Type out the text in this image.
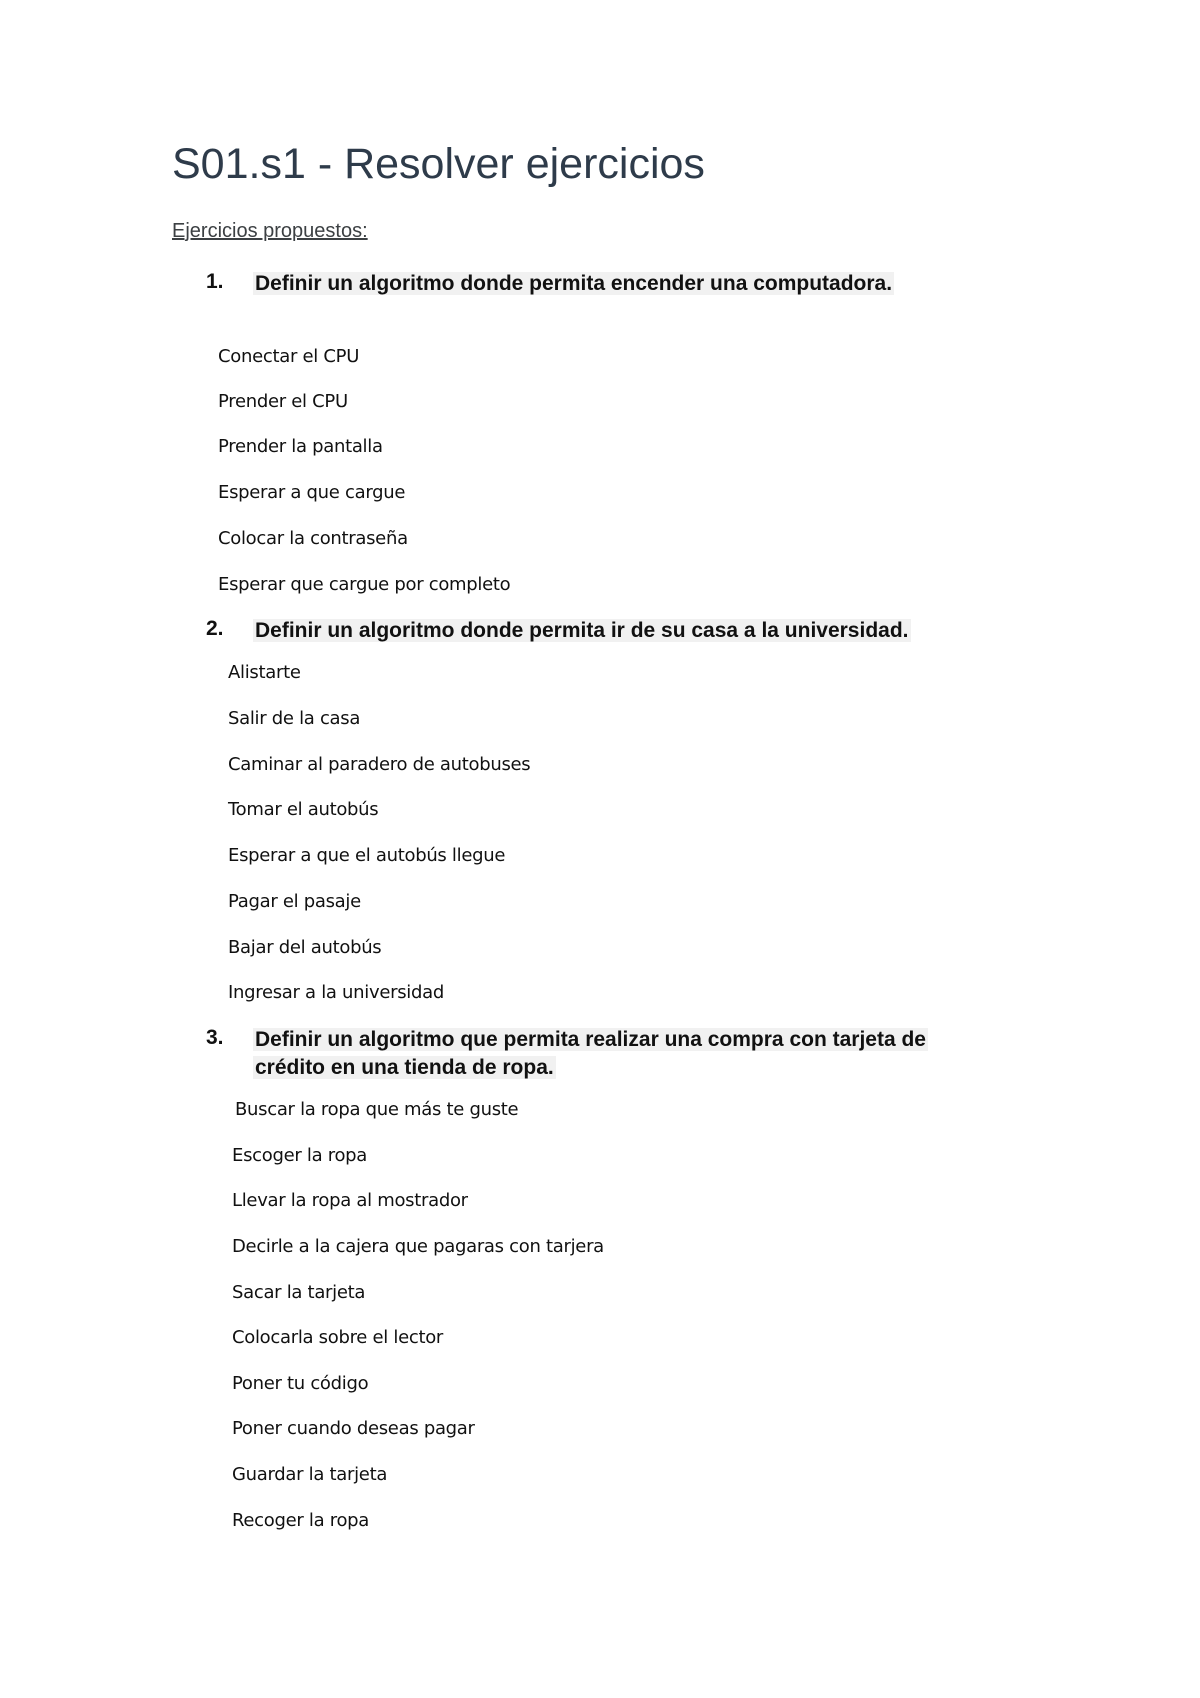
S01.s1 - Resolver ejercicios
Ejercicios propuestos:
1. Definir un algoritmo donde permita encender una computadora.
Conectar el CPU
Prender el CPU
Prender la pantalla
Esperar a que cargue
Colocar la contraseña
Esperar que cargue por completo
2. Definir un algoritmo donde permita ir de su casa a la universidad.
Alistarte
Salir de la casa
Caminar al paradero de autobuses
Tomar el autobús
Esperar a que el autobús llegue
Pagar el pasaje
Bajar del autobús
Ingresar a la universidad
3. Definir un algoritmo que permita realizar una compra con tarjeta de
crédito en una tienda de ropa.
Buscar la ropa que más te guste
Escoger la ropa
Llevar la ropa al mostrador
Decirle a la cajera que pagaras con tarjera
Sacar la tarjeta
Colocarla sobre el lector
Poner tu código
Poner cuando deseas pagar
Guardar la tarjeta
Recoger la ropa
